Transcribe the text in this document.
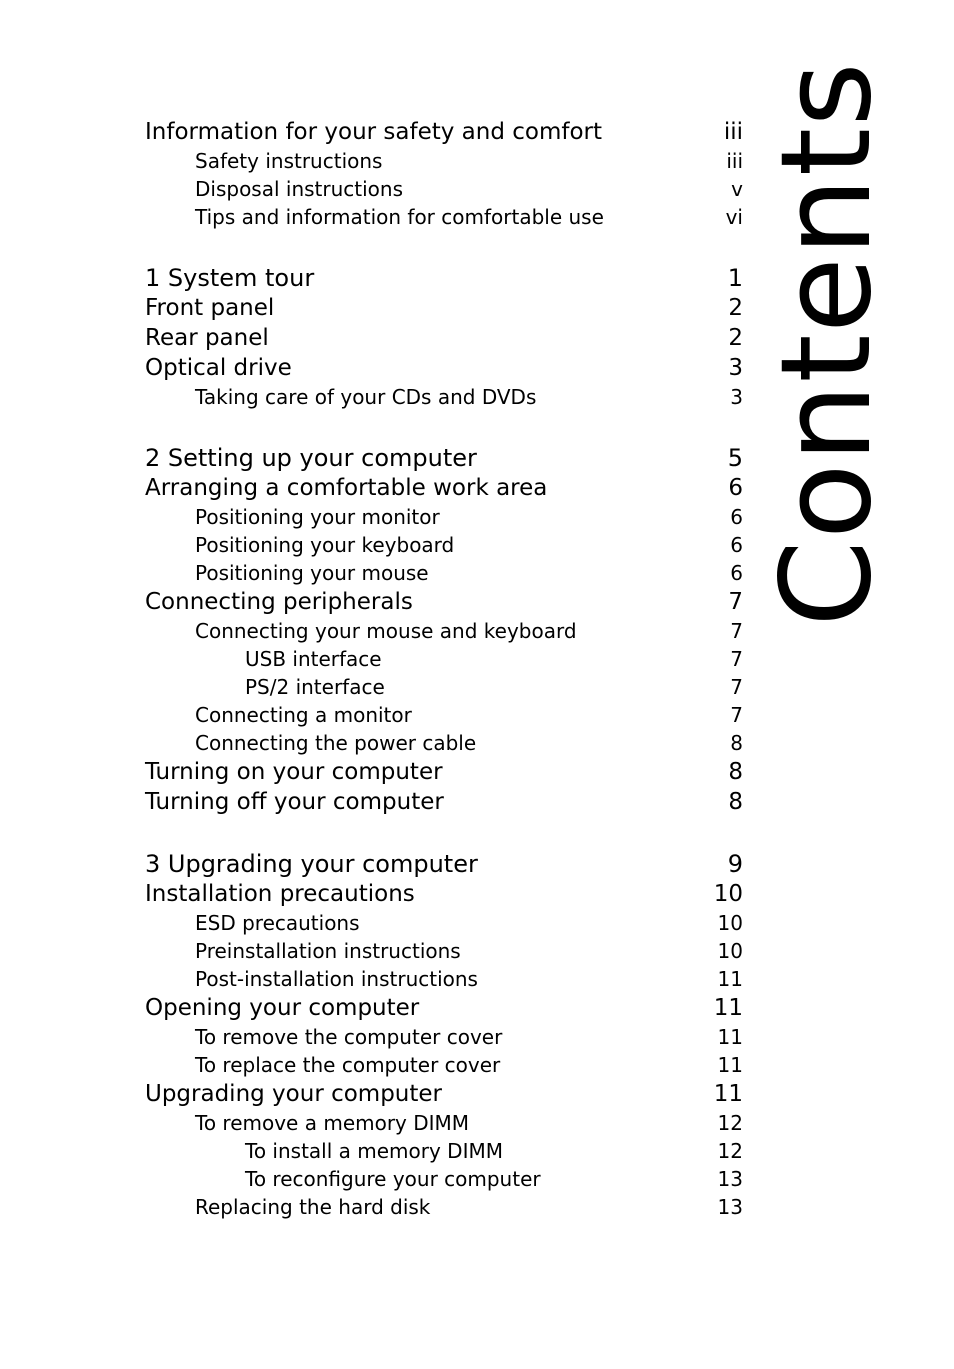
Information for your safety and comfort	iii
Safety instructions	iii
Disposal instructions	v
Tips and information for comfortable use	vi
1 System tour	1
Front panel	2
Rear panel	2
Optical drive	3
Taking care of your CDs and DVDs	3
2 Setting up your computer	5
Arranging a comfortable work area	6
Positioning your monitor	6
Positioning your keyboard	6
Positioning your mouse	6
Connecting peripherals	7
Connecting your mouse and keyboard	7
USB interface	7
PS/2 interface	7
Connecting a monitor	7
Connecting the power cable	8
Turning on your computer	8
Turning off your computer	8
3 Upgrading your computer	9
Installation precautions	10
ESD precautions	10
Preinstallation instructions	10
Post-installation instructions	11
Opening your computer	11
To remove the computer cover	11
To replace the computer cover	11
Upgrading your computer	11
To remove a memory DIMM	12
To install a memory DIMM	12
To reconfigure your computer	13
Replacing the hard disk	13
Contents
